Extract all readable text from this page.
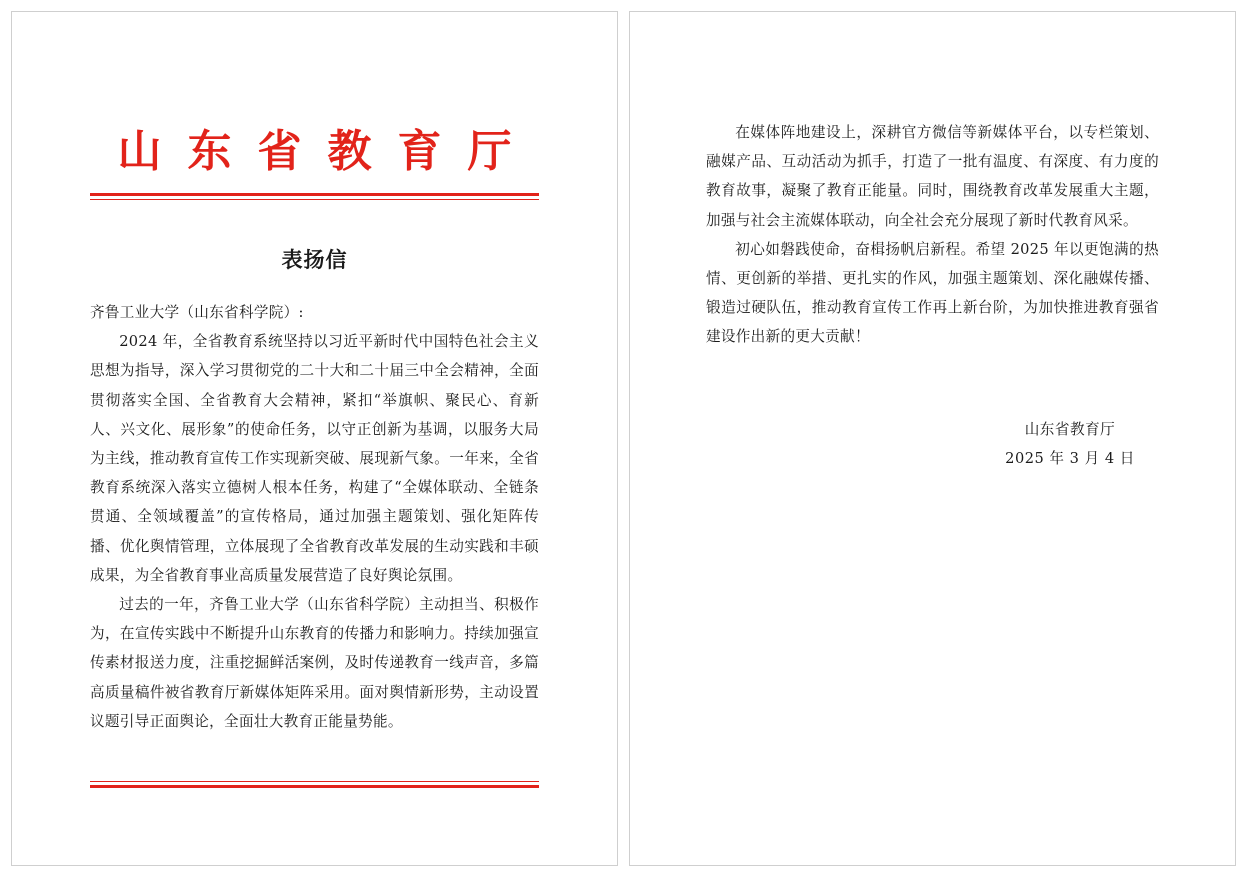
山东省教育厅
表扬信

齐鲁工业大学（山东省科学院）:

2024 年，全省教育系统坚持以习近平新时代中国特色社会主义思想为指导，深入学习贯彻党的二十大和二十届三中全会精神，全面贯彻落实全国、全省教育大会精神，紧扣“举旗帜、聚民心、育新人、兴文化、展形象”的使命任务，以守正创新为基调，以服务大局为主线，推动教育宣传工作实现新突破、展现新气象。一年来，全省教育系统深入落实立德树人根本任务，构建了“全媒体联动、全链条贯通、全领域覆盖”的宣传格局，通过加强主题策划、强化矩阵传播、优化舆情管理，立体展现了全省教育改革发展的生动实践和丰硕成果，为全省教育事业高质量发展营造了良好舆论氛围。

过去的一年，齐鲁工业大学（山东省科学院）主动担当、积极作为，在宣传实践中不断提升山东教育的传播力和影响力。持续加强宣传素材报送力度，注重挖掘鲜活案例，及时传递教育一线声音，多篇高质量稿件被省教育厅新媒体矩阵采用。面对舆情新形势，主动设置议题引导正面舆论，全面壮大教育正能量势能。

在媒体阵地建设上，深耕官方微信等新媒体平台，以专栏策划、融媒产品、互动活动为抓手，打造了一批有温度、有深度、有力度的教育故事，凝聚了教育正能量。同时，围绕教育改革发展重大主题，加强与社会主流媒体联动，向全社会充分展现了新时代教育风采。

初心如磐践使命，奋楫扬帆启新程。希望 2025 年以更饱满的热情、更创新的举措、更扎实的作风，加强主题策划、深化融媒传播、锻造过硬队伍，推动教育宣传工作再上新台阶，为加快推进教育强省建设作出新的更大贡献！

山东省教育厅
2025 年 3 月 4 日
